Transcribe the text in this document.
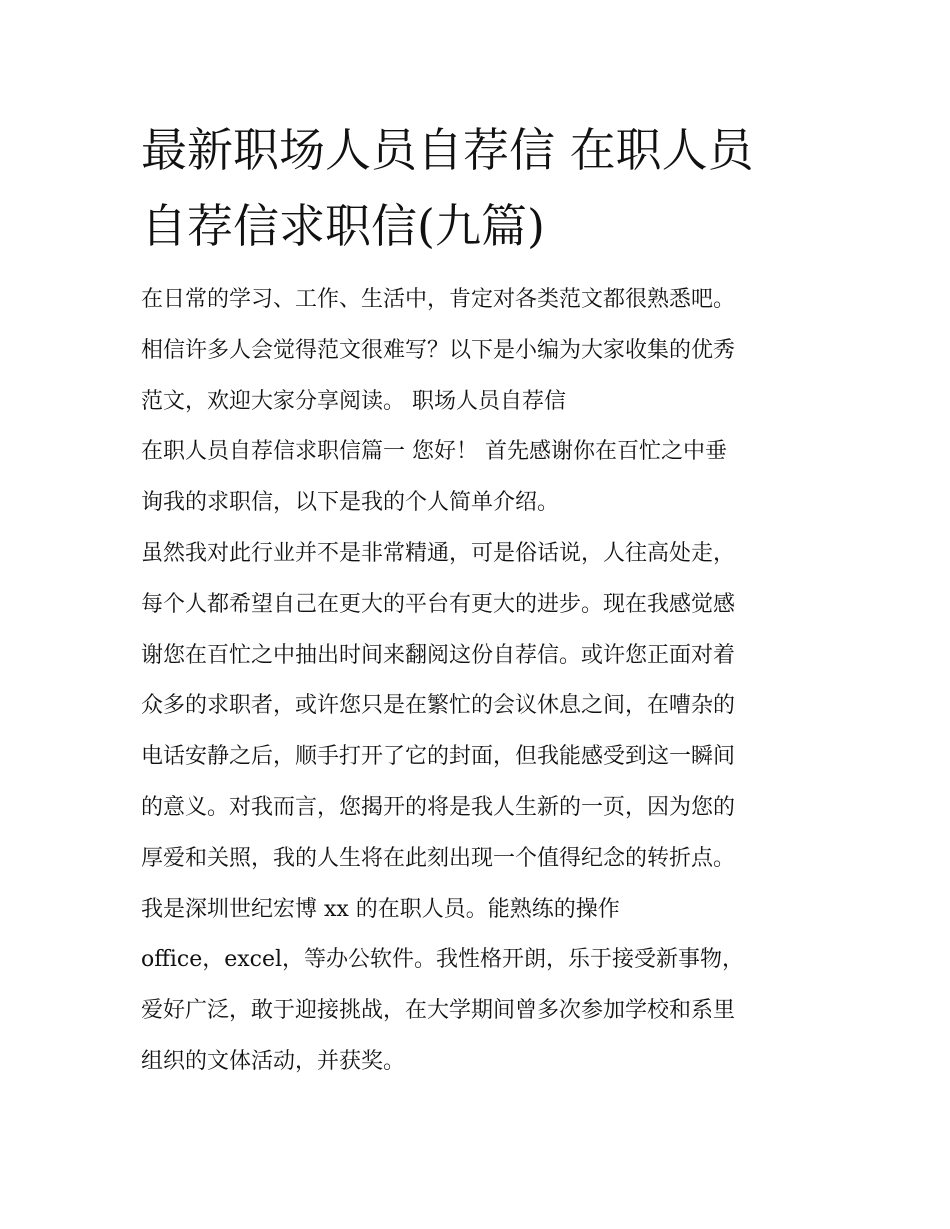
最新职场人员自荐信 在职人员
自荐信求职信(九篇)
在日常的学习、工作、生活中，肯定对各类范文都很熟悉吧。
相信许多人会觉得范文很难写？以下是小编为大家收集的优秀
范文，欢迎大家分享阅读。 职场人员自荐信
在职人员自荐信求职信篇一 您好！ 首先感谢你在百忙之中垂
询我的求职信，以下是我的个人简单介绍。
虽然我对此行业并不是非常精通，可是俗话说，人往高处走，
每个人都希望自己在更大的平台有更大的进步。现在我感觉感
谢您在百忙之中抽出时间来翻阅这份自荐信。或许您正面对着
众多的求职者，或许您只是在繁忙的会议休息之间，在嘈杂的
电话安静之后，顺手打开了它的封面，但我能感受到这一瞬间
的意义。对我而言，您揭开的将是我人生新的一页，因为您的
厚爱和关照，我的人生将在此刻出现一个值得纪念的转折点。
我是深圳世纪宏博 xx 的在职人员。能熟练的操作
office，excel，等办公软件。我性格开朗，乐于接受新事物，
爱好广泛，敢于迎接挑战，在大学期间曾多次参加学校和系里
组织的文体活动，并获奖。
